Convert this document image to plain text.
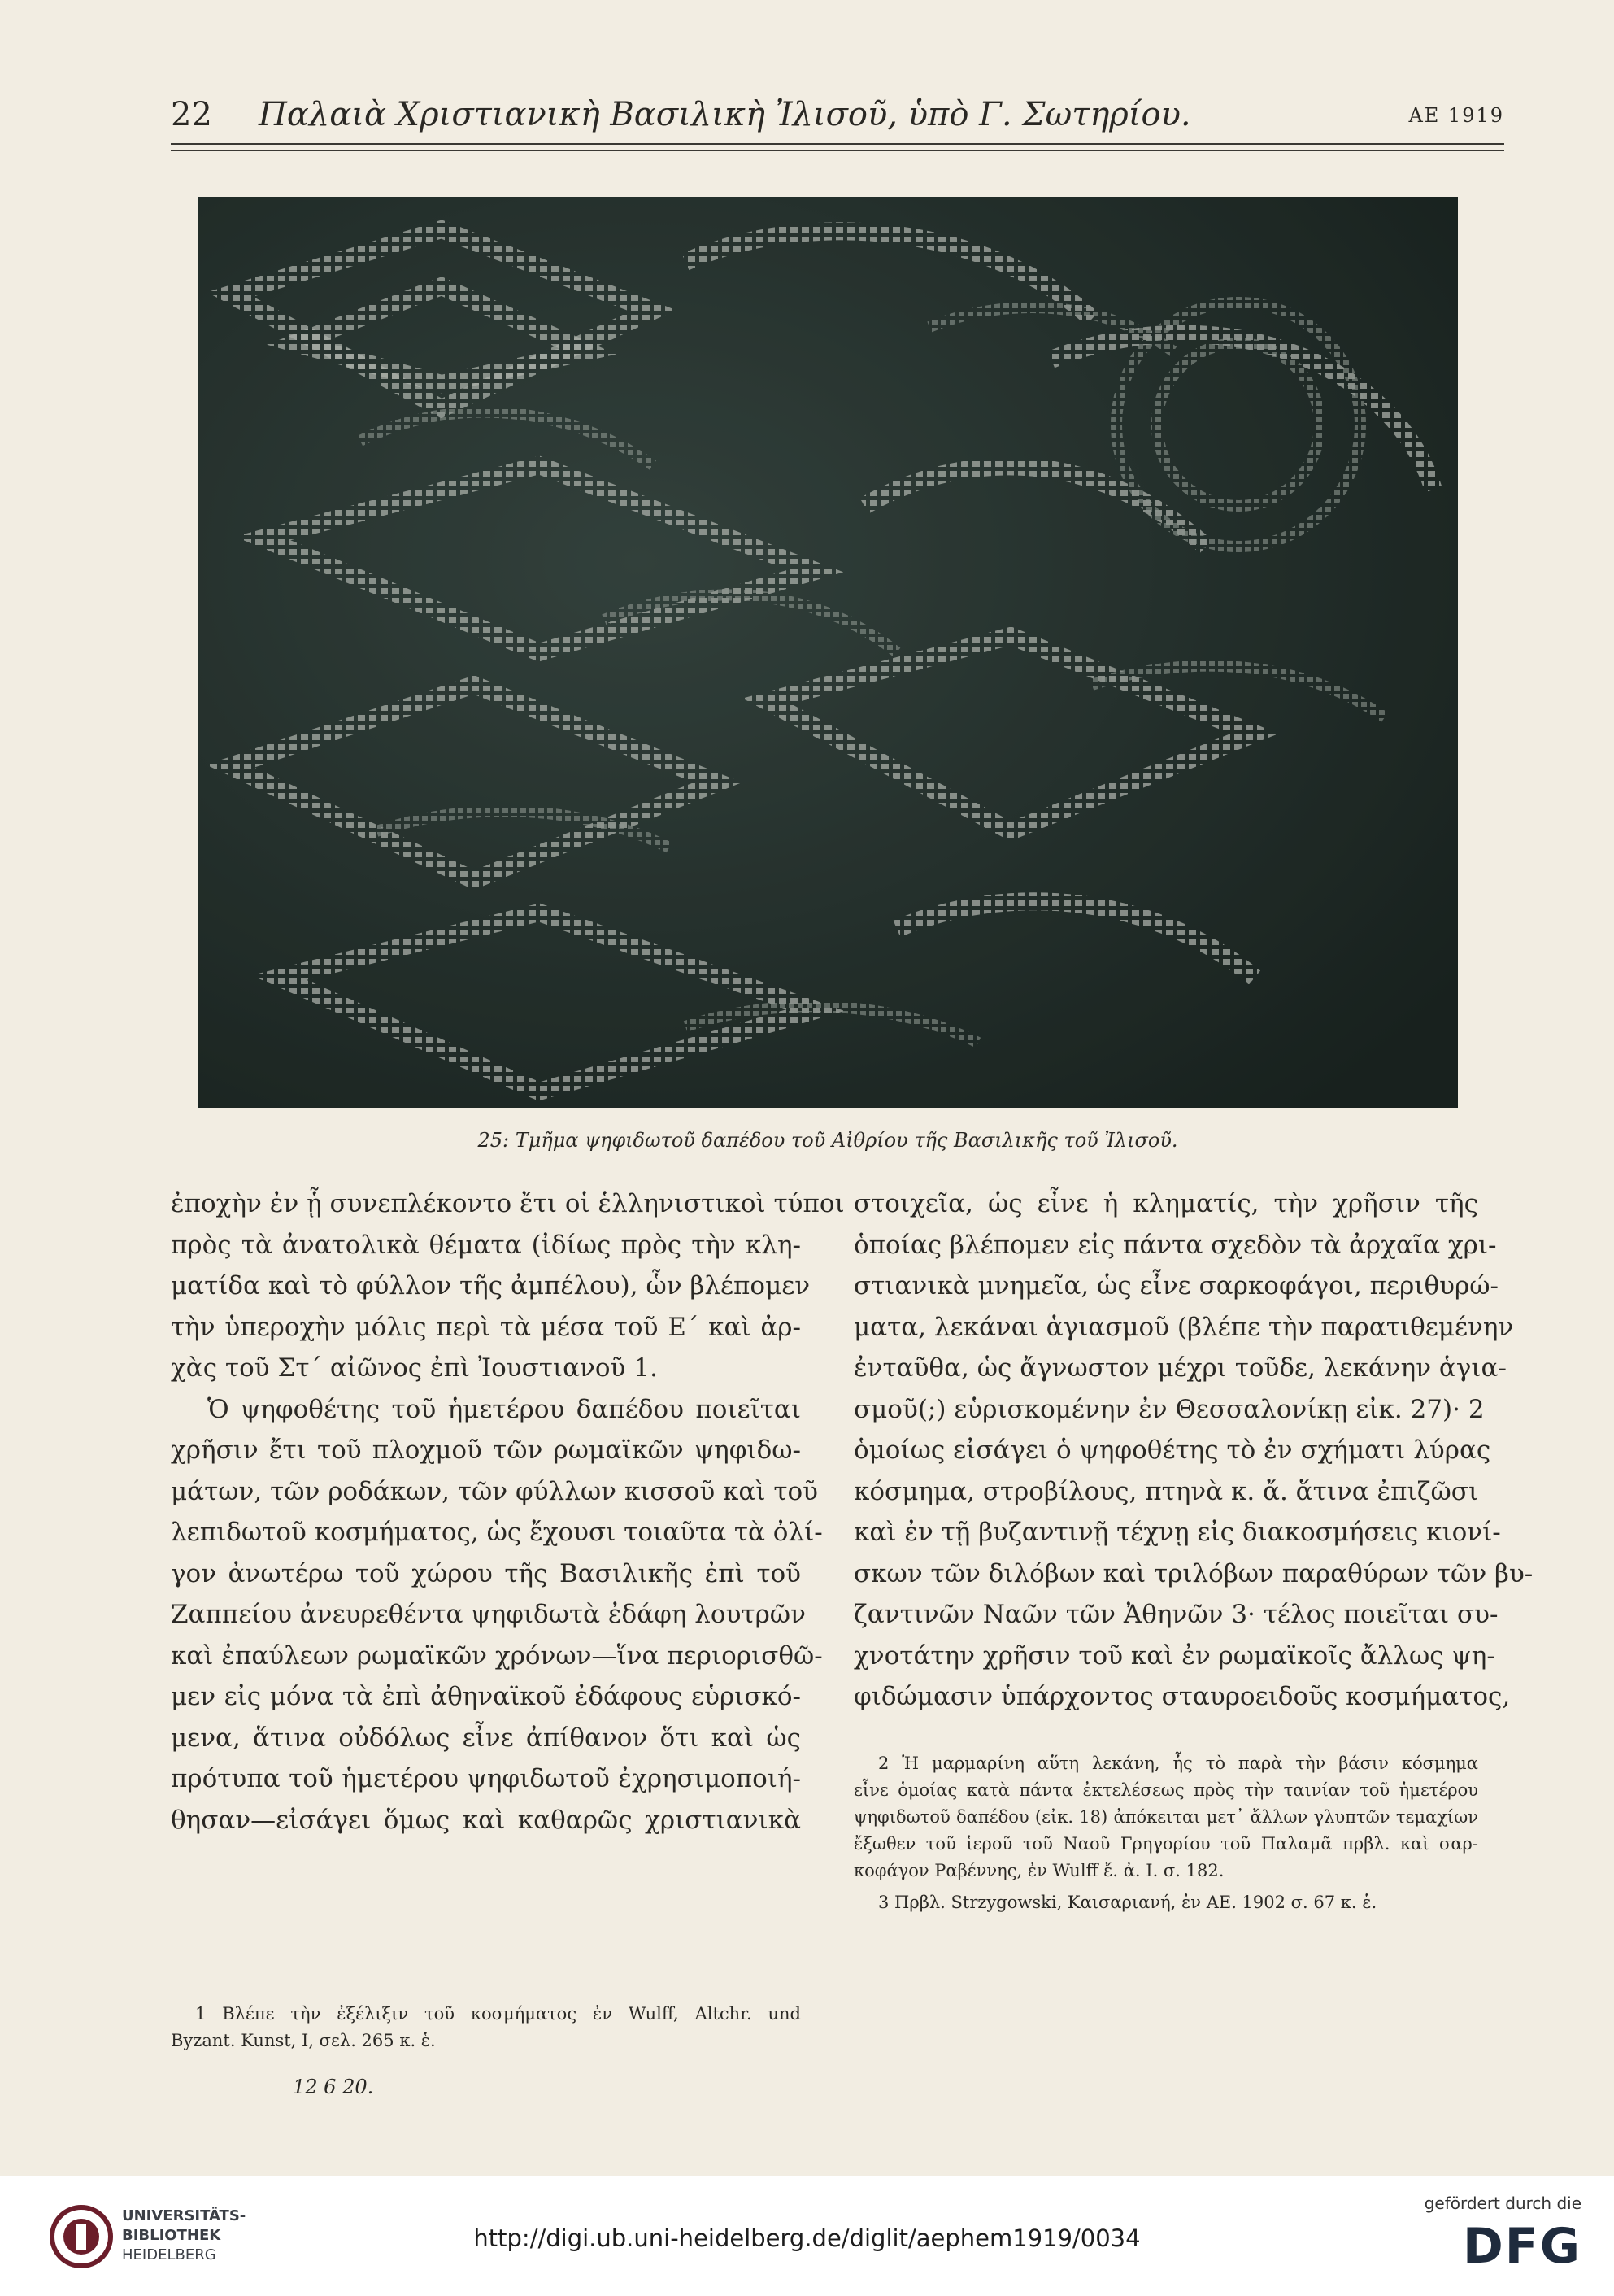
22 Παλαιὰ Χριστιανικὴ Βασιλικὴ Ἰλισοῦ, ὑπὸ Γ. Σωτηρίου.	ΑΕ 1919
25: Τμῆμα ψηφιδωτοῦ δαπέδου τοῦ Αἰθρίου τῆς Βασιλικῆς τοῦ Ἰλισοῦ.

ἐποχὴν ἐν ᾗ συνεπλέκοντο ἔτι οἱ ἑλληνιστικοὶ τύποι
πρὸς τὰ ἀνατολικὰ θέματα (ἰδίως πρὸς τὴν κλη-
ματίδα καὶ τὸ φύλλον τῆς ἀμπέλου), ὧν βλέπομεν
τὴν ὑπεροχὴν μόλις περὶ τὰ μέσα τοῦ Ε΄ καὶ ἀρ-
χὰς τοῦ Στ΄ αἰῶνος ἐπὶ Ἰουστιανοῦ 1.

Ὁ ψηφοθέτης τοῦ ἡμετέρου δαπέδου ποιεῖται
χρῆσιν ἔτι τοῦ πλοχμοῦ τῶν ρωμαϊκῶν ψηφιδω-
μάτων, τῶν ροδάκων, τῶν φύλλων κισσοῦ καὶ τοῦ
λεπιδωτοῦ κοσμήματος, ὡς ἔχουσι τοιαῦτα τὰ ὀλί-
γον ἀνωτέρω τοῦ χώρου τῆς Βασιλικῆς ἐπὶ τοῦ
Ζαππείου ἀνευρεθέντα ψηφιδωτὰ ἐδάφη λουτρῶν
καὶ ἐπαύλεων ρωμαϊκῶν χρόνων—ἵνα περιορισθῶ-
μεν εἰς μόνα τὰ ἐπὶ ἀθηναϊκοῦ ἐδάφους εὑρισκό-
μενα, ἅτινα οὐδόλως εἶνε ἀπίθανον ὅτι καὶ ὡς
πρότυπα τοῦ ἡμετέρου ψηφιδωτοῦ ἐχρησιμοποιή-
θησαν—εἰσάγει ὅμως καὶ καθαρῶς χριστιανικὰ

στοιχεῖα, ὡς εἶνε ἡ κληματίς, τὴν χρῆσιν τῆς
ὁποίας βλέπομεν εἰς πάντα σχεδὸν τὰ ἀρχαῖα χρι-
στιανικὰ μνημεῖα, ὡς εἶνε σαρκοφάγοι, περιθυρώ-
ματα, λεκάναι ἁγιασμοῦ (βλέπε τὴν παρατιθεμένην
ἐνταῦθα, ὡς ἄγνωστον μέχρι τοῦδε, λεκάνην ἁγια-
σμοῦ(;) εὑρισκομένην ἐν Θεσσαλονίκῃ εἰκ. 27)· 2
ὁμοίως εἰσάγει ὁ ψηφοθέτης τὸ ἐν σχήματι λύρας
κόσμημα, στροβίλους, πτηνὰ κ. ἄ. ἅτινα ἐπιζῶσι
καὶ ἐν τῇ βυζαντινῇ τέχνῃ εἰς διακοσμήσεις κιονί-
σκων τῶν διλόβων καὶ τριλόβων παραθύρων τῶν βυ-
ζαντινῶν Ναῶν τῶν Ἀθηνῶν 3· τέλος ποιεῖται συ-
χνοτάτην χρῆσιν τοῦ καὶ ἐν ρωμαϊκοῖς ἄλλως ψη-
φιδώμασιν ὑπάρχοντος σταυροειδοῦς κοσμήματος,

2 Ἡ μαρμαρίνη αὕτη λεκάνη, ἧς τὸ παρὰ τὴν βάσιν κόσμημα
εἶνε ὁμοίας κατὰ πάντα ἐκτελέσεως πρὸς τὴν ταινίαν τοῦ ἡμετέρου
ψηφιδωτοῦ δαπέδου (εἰκ. 18) ἀπόκειται μετ᾽ ἄλλων γλυπτῶν τεμαχίων
ἔξωθεν τοῦ ἱεροῦ τοῦ Ναοῦ Γρηγορίου τοῦ Παλαμᾶ πρβλ. καὶ σαρ-
κοφάγον Ραβέννης, ἐν Wulff ἔ. ἀ. I. σ. 182.

3 Πρβλ. Strzygowski, Καισαριανή, ἐν ΑΕ. 1902 σ. 67 κ. ἑ.

1 Βλέπε τὴν ἐξέλιξιν τοῦ κοσμήματος ἐν Wulff, Altchr. und
Byzant. Kunst, I, σελ. 265 κ. ἑ.

12 6 20.
UNIVERSITÄTS-
BIBLIOTHEK
HEIDELBERG
http://digi.ub.uni-heidelberg.de/diglit/aephem1919/0034
gefördert durch die
DFG
